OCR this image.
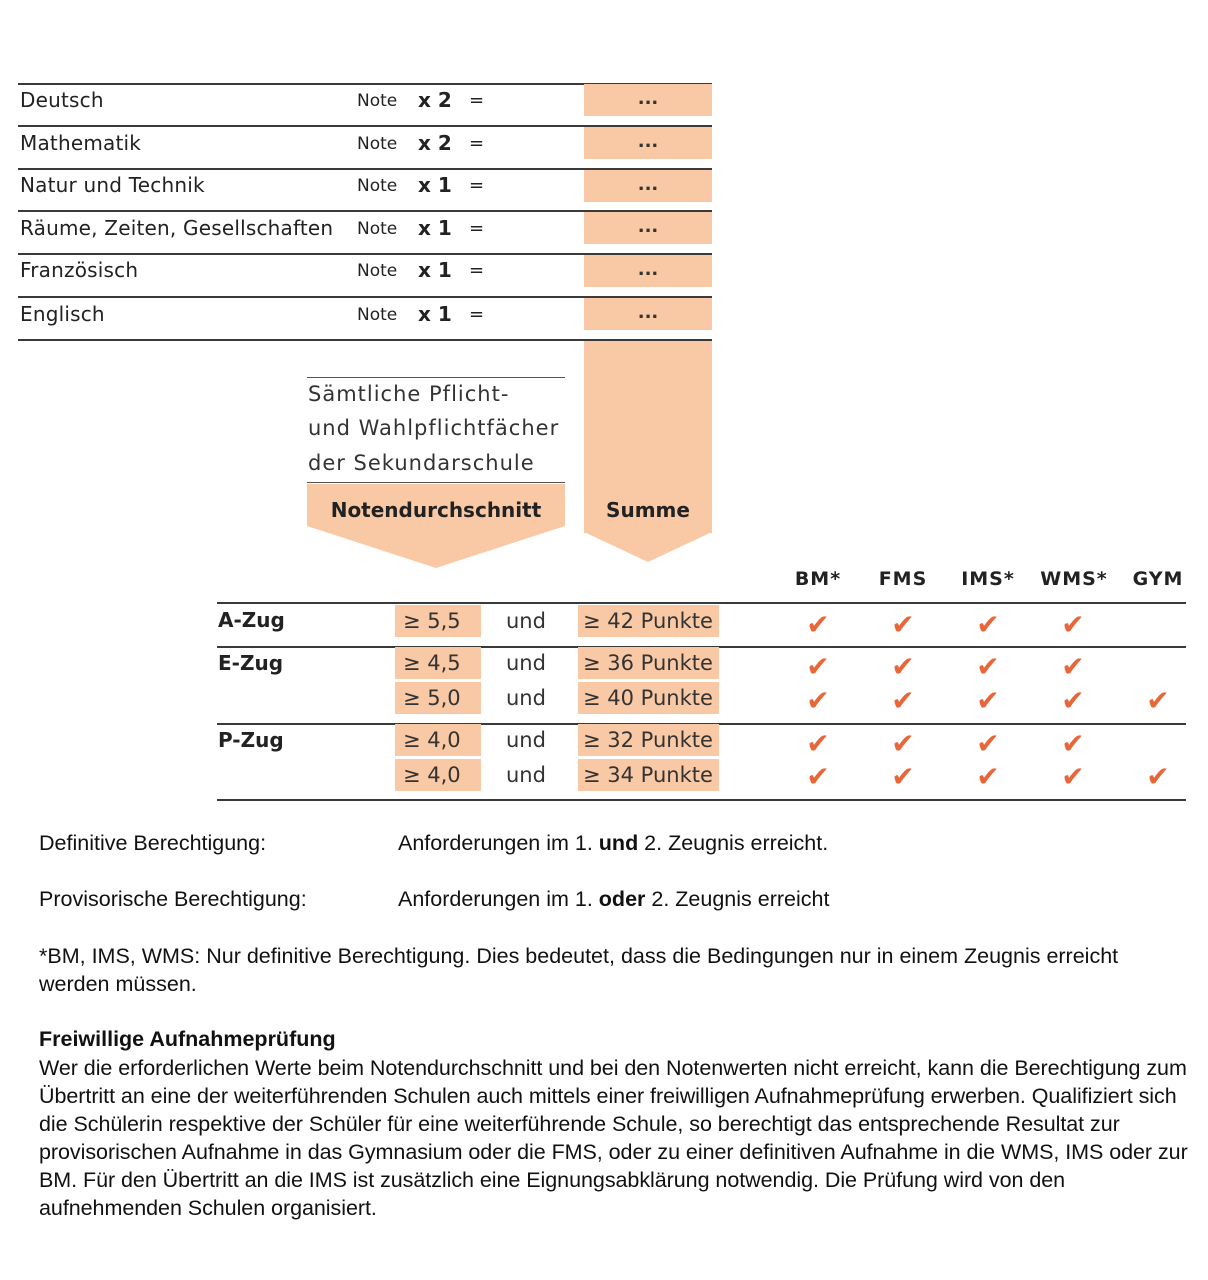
Deutsch	Note x 2 =	...
Mathematik	Note x 2 =	...
Natur und Technik	Note x 1 =	...
Räume, Zeiten, Gesellschaften Note x 1 =	...
Französisch	Note x 1 =	...
Englisch	Note x 1 =	...
Sämtliche Pflicht-
und Wahlpflichtfächer
der Sekundarschule
Notendurchschnitt	Summe
BM*	FMS	IMS*	WMS*	GYM
A-Zug	≥ 5,5	und ≥ 42 Punkte	✔ ✔ ✔ ✔
E-Zug	≥ 4,5	und ≥ 36 Punkte	✔ ✔ ✔ ✔
≥ 5,0	und ≥ 40 Punkte	✔ ✔ ✔ ✔ ✔
P-Zug	≥ 4,0	und ≥ 32 Punkte	✔ ✔ ✔ ✔
≥ 4,0	und ≥ 34 Punkte	✔ ✔ ✔ ✔ ✔
Definitive Berechtigung:	Anforderungen im 1. und 2. Zeugnis erreicht.
Provisorische Berechtigung:	Anforderungen im 1. oder 2. Zeugnis erreicht
*BM, IMS, WMS: Nur definitive Berechtigung. Dies bedeutet, dass die Bedingungen nur in einem Zeugnis erreicht werden müssen.
Freiwillige Aufnahmeprüfung
Wer die erforderlichen Werte beim Notendurchschnitt und bei den Notenwerten nicht erreicht, kann die Berechtigung zum Übertritt an eine der weiterführenden Schulen auch mittels einer freiwilligen Aufnahmeprüfung erwerben. Qualifiziert sich die Schülerin respektive der Schüler für eine weiterführende Schule, so berechtigt das entsprechende Resultat zur provisorischen Aufnahme in das Gymnasium oder die FMS, oder zu einer definitiven Aufnahme in die WMS, IMS oder zur BM. Für den Übertritt an die IMS ist zusätzlich eine Eignungsabklärung notwendig. Die Prüfung wird von den aufnehmenden Schulen organisiert.
